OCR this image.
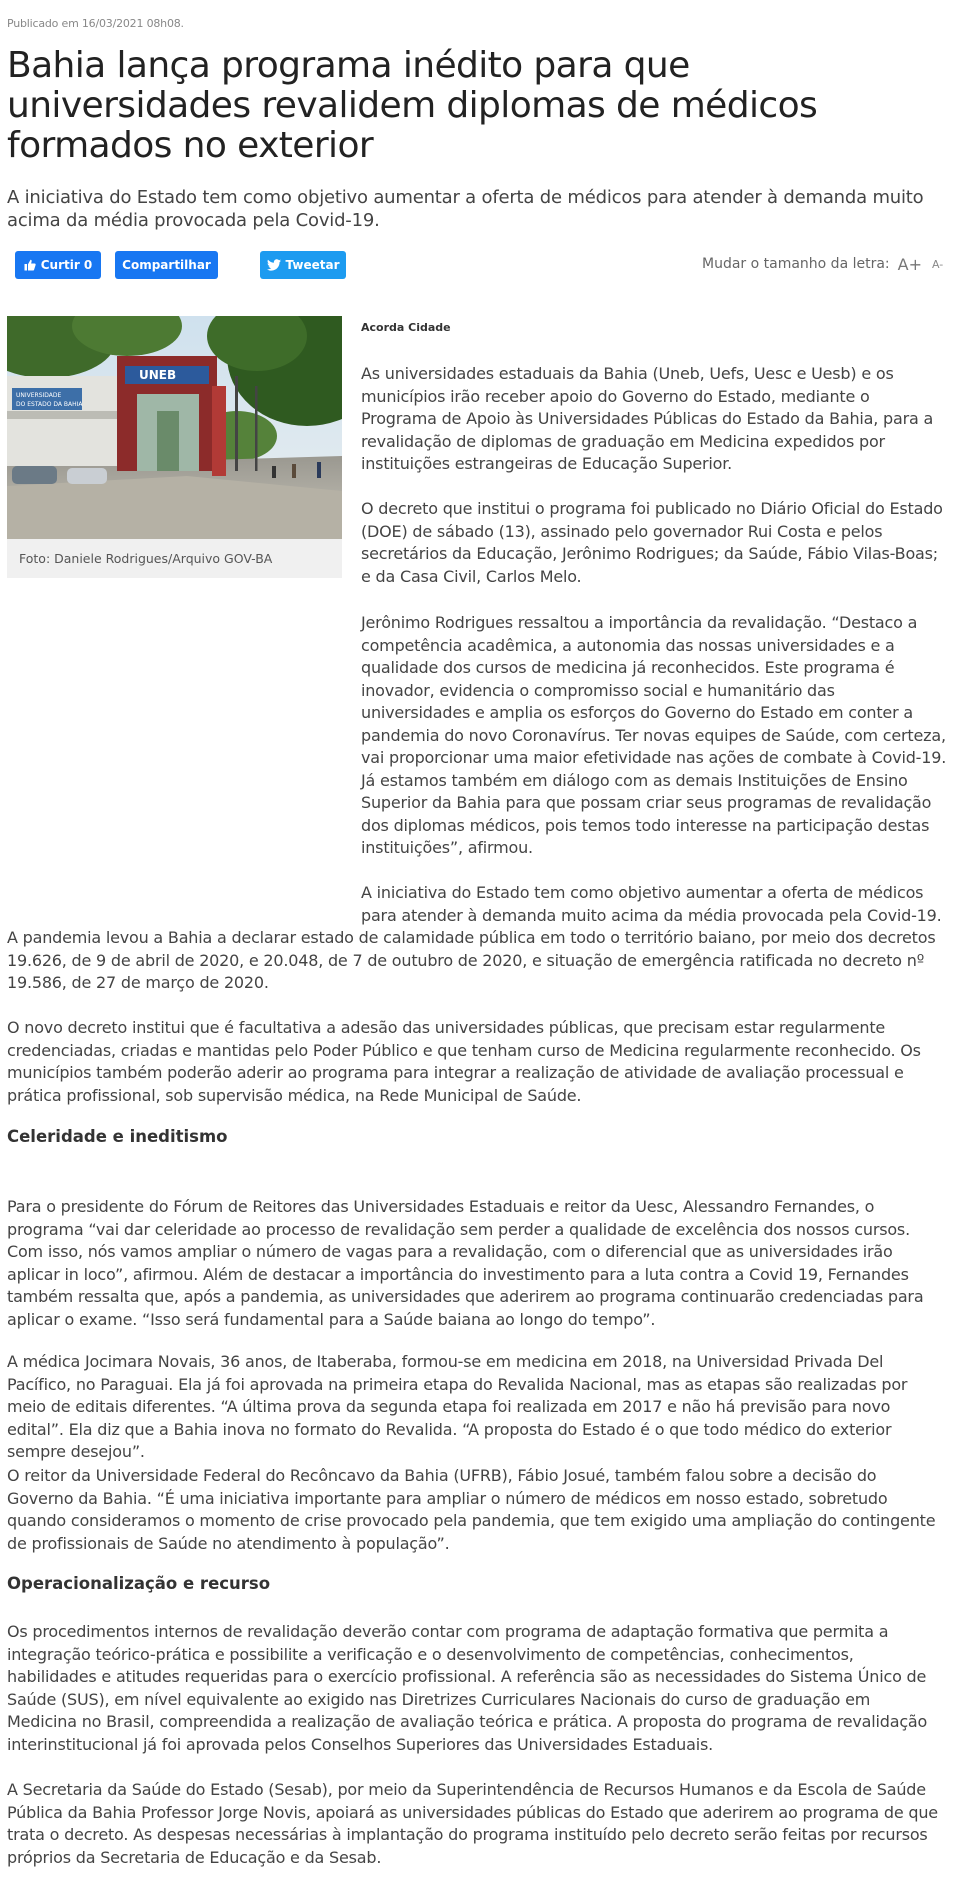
Publicado em 16/03/2021 08h08.
Bahia lança programa inédito para que universidades revalidem diplomas de médicos formados no exterior
A iniciativa do Estado tem como objetivo aumentar a oferta de médicos para atender à demanda muito acima da média provocada pela Covid-19.
Curtir 0 Compartilhar	Tweetar	Mudar o tamanho da letra: A+ A-
UNIVERSIDADE
DO ESTADO DA BAHIA
UNEB
Foto: Daniele Rodrigues/Arquivo GOV-BA
Acorda Cidade

As universidades estaduais da Bahia (Uneb, Uefs, Uesc e Uesb) e os municípios irão receber apoio do Governo do Estado, mediante o Programa de Apoio às Universidades Públicas do Estado da Bahia, para a revalidação de diplomas de graduação em Medicina expedidos por instituições estrangeiras de Educação Superior.

O decreto que institui o programa foi publicado no Diário Oficial do Estado (DOE) de sábado (13), assinado pelo governador Rui Costa e pelos secretários da Educação, Jerônimo Rodrigues; da Saúde, Fábio Vilas-Boas; e da Casa Civil, Carlos Melo.

Jerônimo Rodrigues ressaltou a importância da revalidação. “Destaco a competência acadêmica, a autonomia das nossas universidades e a qualidade dos cursos de medicina já reconhecidos. Este programa é inovador, evidencia o compromisso social e humanitário das universidades e amplia os esforços do Governo do Estado em conter a pandemia do novo Coronavírus. Ter novas equipes de Saúde, com certeza, vai proporcionar uma maior efetividade nas ações de combate à Covid-19. Já estamos também em diálogo com as demais Instituições de Ensino Superior da Bahia para que possam criar seus programas de revalidação dos diplomas médicos, pois temos todo interesse na participação destas instituições”, afirmou.

A iniciativa do Estado tem como objetivo aumentar a oferta de médicos para atender à demanda muito acima da média provocada pela Covid-19.

A pandemia levou a Bahia a declarar estado de calamidade pública em todo o território baiano, por meio dos decretos 19.626, de 9 de abril de 2020, e 20.048, de 7 de outubro de 2020, e situação de emergência ratificada no decreto nº 19.586, de 27 de março de 2020.

O novo decreto institui que é facultativa a adesão das universidades públicas, que precisam estar regularmente credenciadas, criadas e mantidas pelo Poder Público e que tenham curso de Medicina regularmente reconhecido. Os municípios também poderão aderir ao programa para integrar a realização de atividade de avaliação processual e prática profissional, sob supervisão médica, na Rede Municipal de Saúde.

Celeridade e ineditismo

Para o presidente do Fórum de Reitores das Universidades Estaduais e reitor da Uesc, Alessandro Fernandes, o programa “vai dar celeridade ao processo de revalidação sem perder a qualidade de excelência dos nossos cursos. Com isso, nós vamos ampliar o número de vagas para a revalidação, com o diferencial que as universidades irão aplicar in loco”, afirmou. Além de destacar a importância do investimento para a luta contra a Covid 19, Fernandes também ressalta que, após a pandemia, as universidades que aderirem ao programa continuarão credenciadas para aplicar o exame. “Isso será fundamental para a Saúde baiana ao longo do tempo”.

A médica Jocimara Novais, 36 anos, de Itaberaba, formou-se em medicina em 2018, na Universidad Privada Del Pacífico, no Paraguai. Ela já foi aprovada na primeira etapa do Revalida Nacional, mas as etapas são realizadas por meio de editais diferentes. “A última prova da segunda etapa foi realizada em 2017 e não há previsão para novo edital”. Ela diz que a Bahia inova no formato do Revalida. “A proposta do Estado é o que todo médico do exterior sempre desejou”.

O reitor da Universidade Federal do Recôncavo da Bahia (UFRB), Fábio Josué, também falou sobre a decisão do Governo da Bahia. “É uma iniciativa importante para ampliar o número de médicos em nosso estado, sobretudo quando consideramos o momento de crise provocado pela pandemia, que tem exigido uma ampliação do contingente de profissionais de Saúde no atendimento à população”.

Operacionalização e recurso

Os procedimentos internos de revalidação deverão contar com programa de adaptação formativa que permita a integração teórico-prática e possibilite a verificação e o desenvolvimento de competências, conhecimentos, habilidades e atitudes requeridas para o exercício profissional. A referência são as necessidades do Sistema Único de Saúde (SUS), em nível equivalente ao exigido nas Diretrizes Curriculares Nacionais do curso de graduação em Medicina no Brasil, compreendida a realização de avaliação teórica e prática. A proposta do programa de revalidação interinstitucional já foi aprovada pelos Conselhos Superiores das Universidades Estaduais.

A Secretaria da Saúde do Estado (Sesab), por meio da Superintendência de Recursos Humanos e da Escola de Saúde Pública da Bahia Professor Jorge Novis, apoiará as universidades públicas do Estado que aderirem ao programa de que trata o decreto. As despesas necessárias à implantação do programa instituído pelo decreto serão feitas por recursos próprios da Secretaria de Educação e da Sesab.
